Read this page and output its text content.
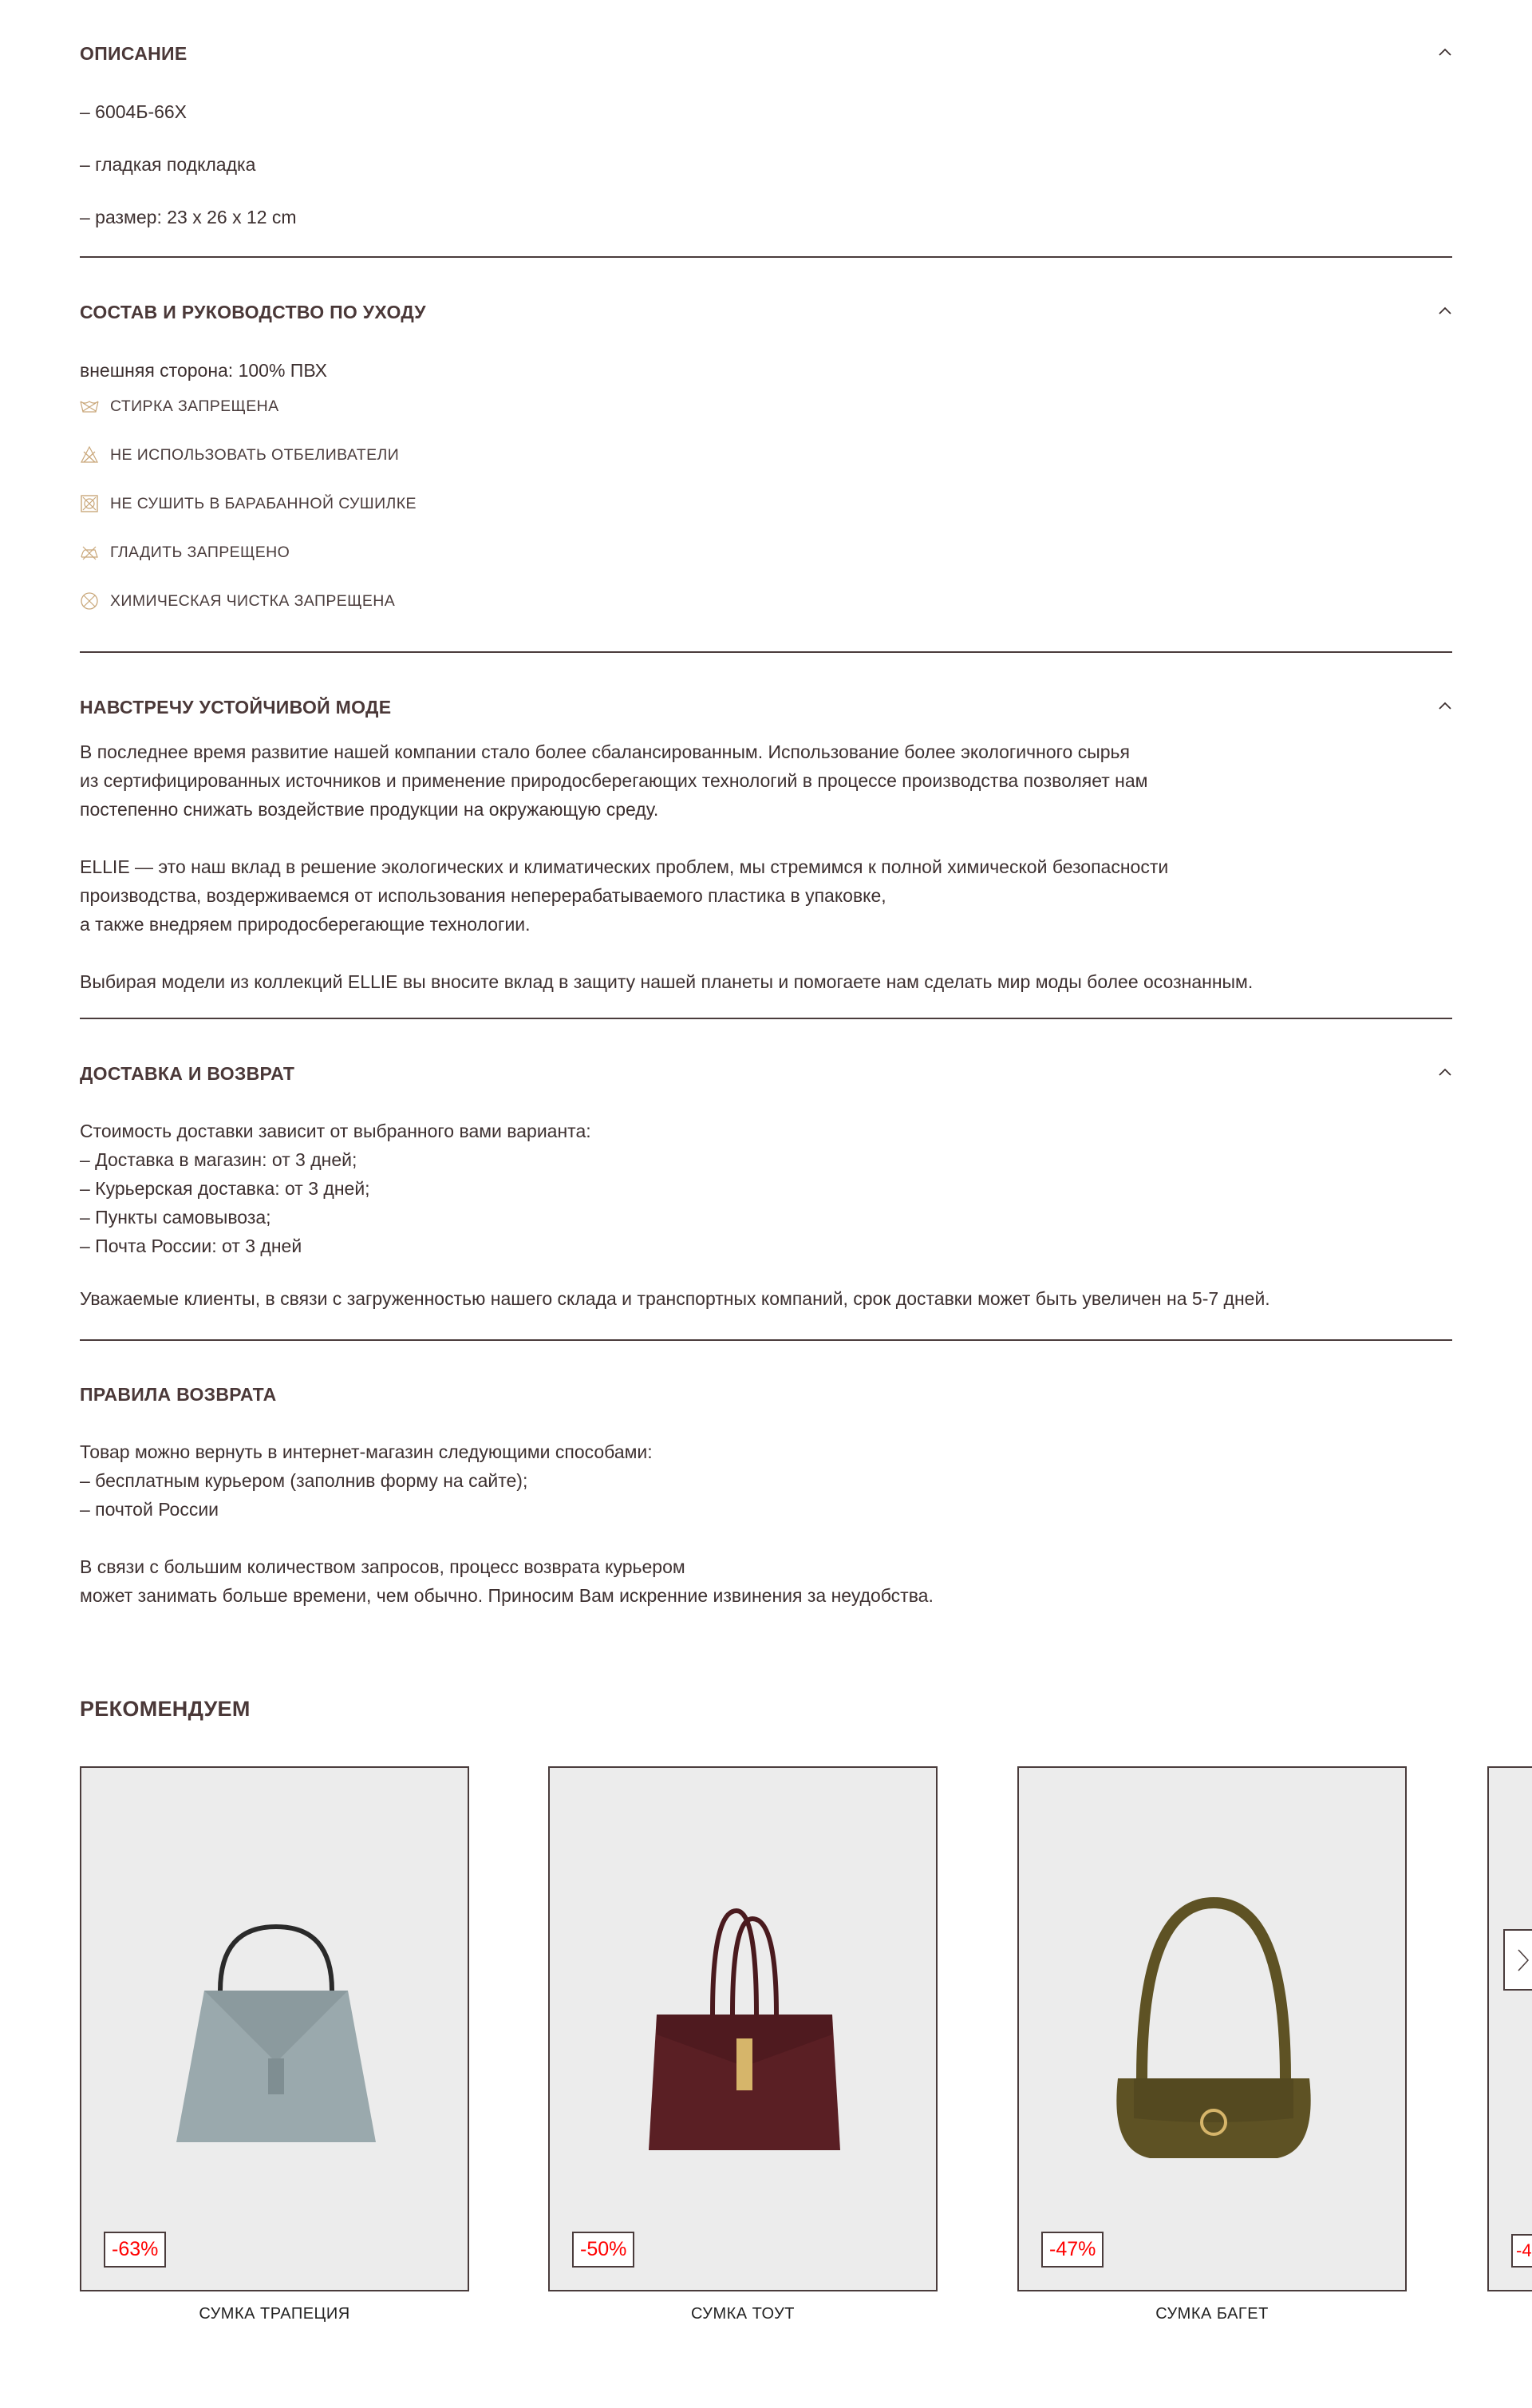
ОПИСАНИЕ
– 6004Б-66Х
– гладкая подкладка
– размер: 23 x 26 x 12 cm
СОСТАВ И РУКОВОДСТВО ПО УХОДУ
внешняя сторона: 100% ПВХ
СТИРКА ЗАПРЕЩЕНА
НЕ ИСПОЛЬЗОВАТЬ ОТБЕЛИВАТЕЛИ
НЕ СУШИТЬ В БАРАБАННОЙ СУШИЛКЕ
ГЛАДИТЬ ЗАПРЕЩЕНО
ХИМИЧЕСКАЯ ЧИСТКА ЗАПРЕЩЕНА
НАВСТРЕЧУ УСТОЙЧИВОЙ МОДЕ
В последнее время развитие нашей компании стало более сбалансированным. Использование более экологичного сырья
из сертифицированных источников и применение природосберегающих технологий в процессе производства позволяет нам
постепенно снижать воздействие продукции на окружающую среду.
ELLIE — это наш вклад в решение экологических и климатических проблем, мы стремимся к полной химической безопасности
производства, воздерживаемся от использования неперерабатываемого пластика в упаковке,
а также внедряем природосберегающие технологии.
Выбирая модели из коллекций ELLIE вы вносите вклад в защиту нашей планеты и помогаете нам сделать мир моды более осознанным.
ДОСТАВКА И ВОЗВРАТ
Стоимость доставки зависит от выбранного вами варианта:
– Доставка в магазин: от 3 дней;
– Курьерская доставка: от 3 дней;
– Пункты самовывоза;
– Почта России: от 3 дней
Уважаемые клиенты, в связи с загруженностью нашего склада и транспортных компаний, срок доставки может быть увеличен на 5-7 дней.
ПРАВИЛА ВОЗВРАТА
Товар можно вернуть в интернет-магазин следующими способами:
– бесплатным курьером (заполнив форму на сайте);
– почтой России
В связи с большим количеством запросов, процесс возврата курьером
может занимать больше времени, чем обычно. Приносим Вам искренние извинения за неудобства.
РЕКОМЕНДУЕМ
-63%
СУМКА ТРАПЕЦИЯ
-50%
СУМКА ТОУТ
-47%
СУМКА БАГЕТ
-4
